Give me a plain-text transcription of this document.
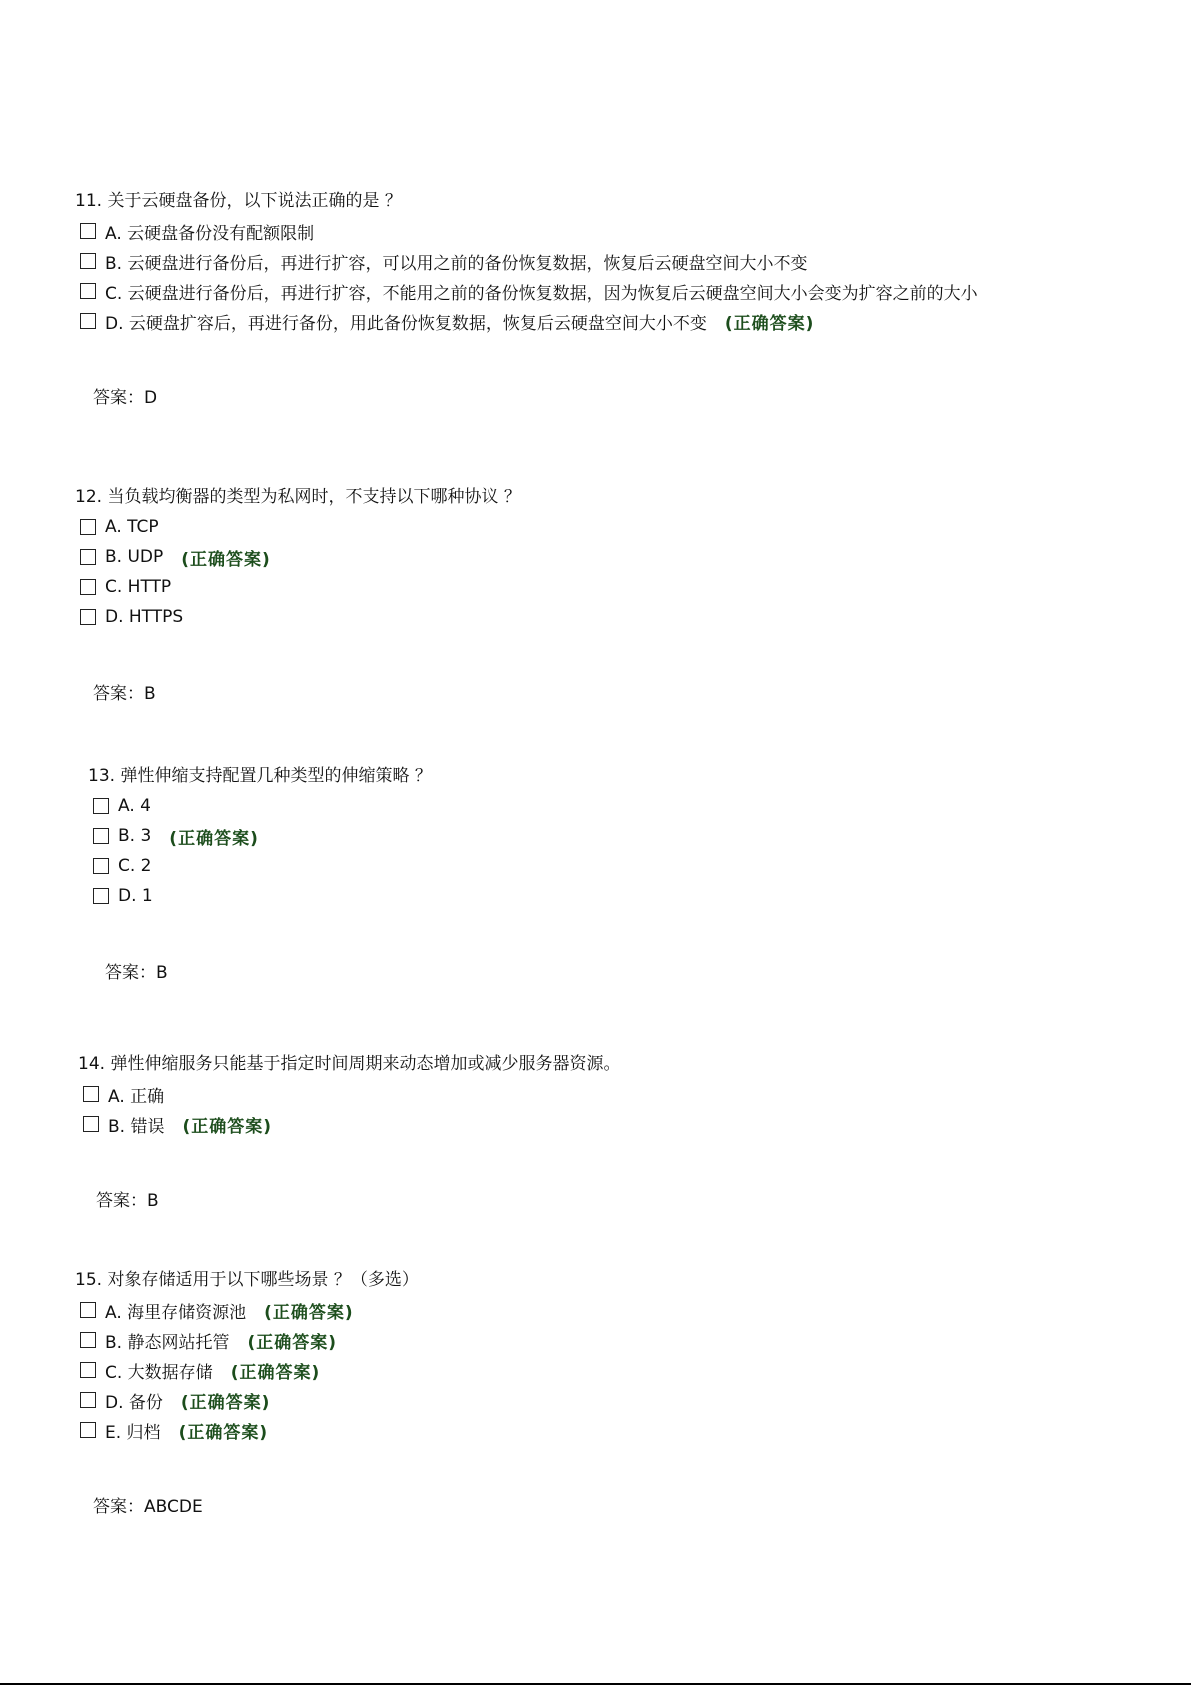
11. 关于云硬盘备份，以下说法正确的是 ？
A. 云硬盘备份没有配额限制
B. 云硬盘进行备份后，再进行扩容，可以用之前的备份恢复数据，恢复后云硬盘空间大小不变
C. 云硬盘进行备份后，再进行扩容，不能用之前的备份恢复数据，因为恢复后云硬盘空间大小会变为扩容之前的大小
D. 云硬盘扩容后，再进行备份，用此备份恢复数据，恢复后云硬盘空间大小不变 (正确答案)
答案：D
12. 当负载均衡器的类型为私网时，不支持以下哪种协议 ？
A. TCP
B. UDP (正确答案)
C. HTTP
D. HTTPS
答案：B
13. 弹性伸缩支持配置几种类型的伸缩策略 ？
A. 4
B. 3 (正确答案)
C. 2
D. 1
答案：B
14. 弹性伸缩服务只能基于指定时间周期来动态增加或减少服务器资源。
A. 正确
B. 错误 (正确答案)
答案：B
15. 对象存储适用于以下哪些场景 ？（多选）
A. 海里存储资源池 (正确答案)
B. 静态网站托管 (正确答案)
C. 大数据存储 (正确答案)
D. 备份 (正确答案)
E. 归档 (正确答案)
答案：ABCDE
